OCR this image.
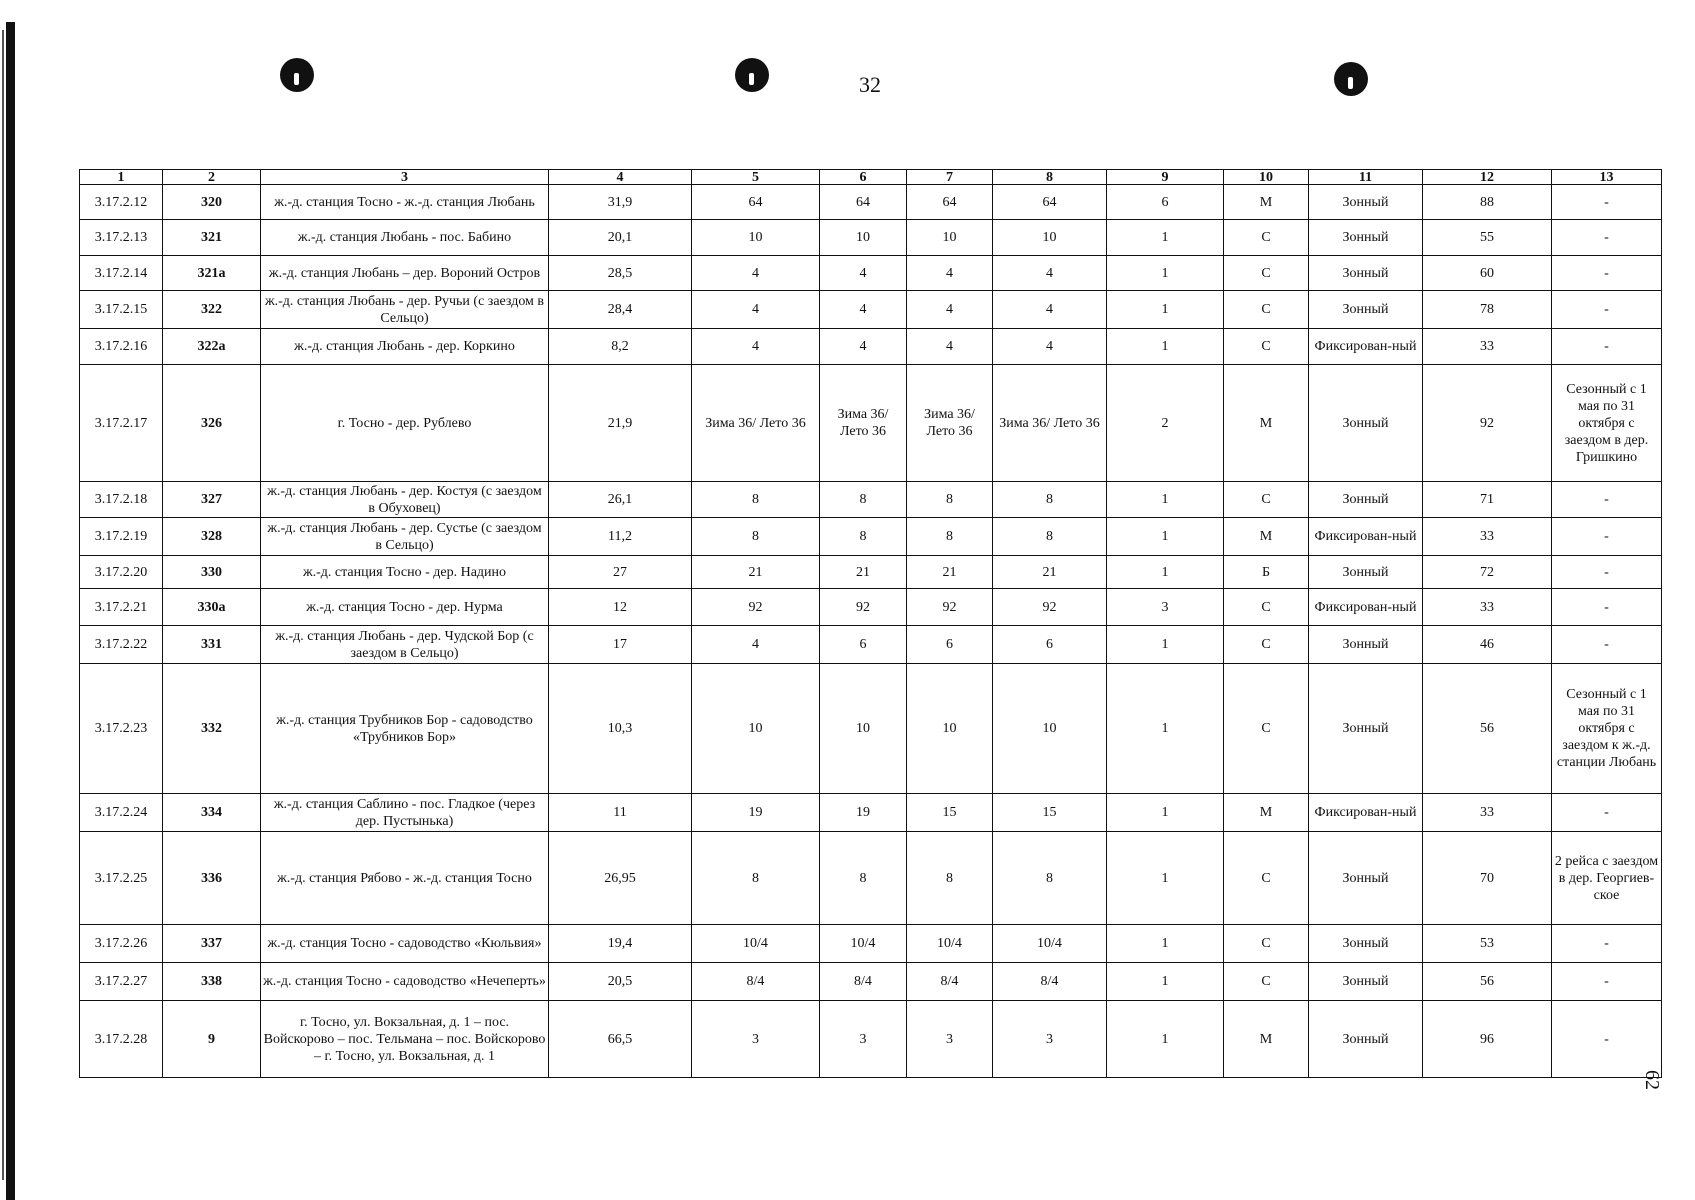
32
62
1	2	3	4	5	6	7	8	9	10	11	12	13
3.17.2.12	320	ж.-д. станция Тосно - ж.-д. станция Любань	31,9	64	64	64	64	6	М	Зонный	88	-
3.17.2.13	321	ж.-д. станция Любань - пос. Бабино	20,1	10	10	10	10	1	С	Зонный	55	-
3.17.2.14	321а	ж.-д. станция Любань – дер. Вороний Остров	28,5	4	4	4	4	1	С	Зонный	60	-
3.17.2.15	322	ж.-д. станция Любань - дер. Ручьи (с заездом в Сельцо)	28,4	4	4	4	4	1	С	Зонный	78	-
3.17.2.16	322а	ж.-д. станция Любань - дер. Коркино	8,2	4	4	4	4	1	С	Фиксирован-ный	33	-
3.17.2.17	326	г. Тосно - дер. Рублево	21,9	Зима 36/ Лето 36	Зима 36/ Лето 36	Зима 36/ Лето 36	Зима 36/ Лето 36	2	М	Зонный	92	Сезонный с 1 мая по 31 октября с заездом в дер. Гришкино
3.17.2.18	327	ж.-д. станция Любань - дер. Костуя (с заездом в Обуховец)	26,1	8	8	8	8	1	С	Зонный	71	-
3.17.2.19	328	ж.-д. станция Любань - дер. Сустье (с заездом в Сельцо)	11,2	8	8	8	8	1	М	Фиксирован-ный	33	-
3.17.2.20	330	ж.-д. станция Тосно - дер. Надино	27	21	21	21	21	1	Б	Зонный	72	-
3.17.2.21	330а	ж.-д. станция Тосно - дер. Нурма	12	92	92	92	92	3	С	Фиксирован-ный	33	-
3.17.2.22	331	ж.-д. станция Любань - дер. Чудской Бор (с заездом в Сельцо)	17	4	6	6	6	1	С	Зонный	46	-
3.17.2.23	332	ж.-д. станция Трубников Бор - садоводство «Трубников Бор»	10,3	10	10	10	10	1	С	Зонный	56	Сезонный с 1 мая по 31 октября с заездом к ж.-д. станции Любань
3.17.2.24	334	ж.-д. станция Саблино - пос. Гладкое (через дер. Пустынька)	11	19	19	15	15	1	М	Фиксирован-ный	33	-
3.17.2.25	336	ж.-д. станция Рябово - ж.-д. станция Тосно	26,95	8	8	8	8	1	С	Зонный	70	2 рейса с заездом в дер. Георгиев-ское
3.17.2.26	337	ж.-д. станция Тосно - садоводство «Кюльвия»	19,4	10/4	10/4	10/4	10/4	1	С	Зонный	53	-
3.17.2.27	338	ж.-д. станция Тосно - садоводство «Нечеперть»	20,5	8/4	8/4	8/4	8/4	1	С	Зонный	56	-
3.17.2.28	9	г. Тосно, ул. Вокзальная, д. 1 – пос. Войскорово – пос. Тельмана – пос. Войскорово – г. Тосно, ул. Вокзальная, д. 1	66,5	3	3	3	3	1	М	Зонный	96	-
